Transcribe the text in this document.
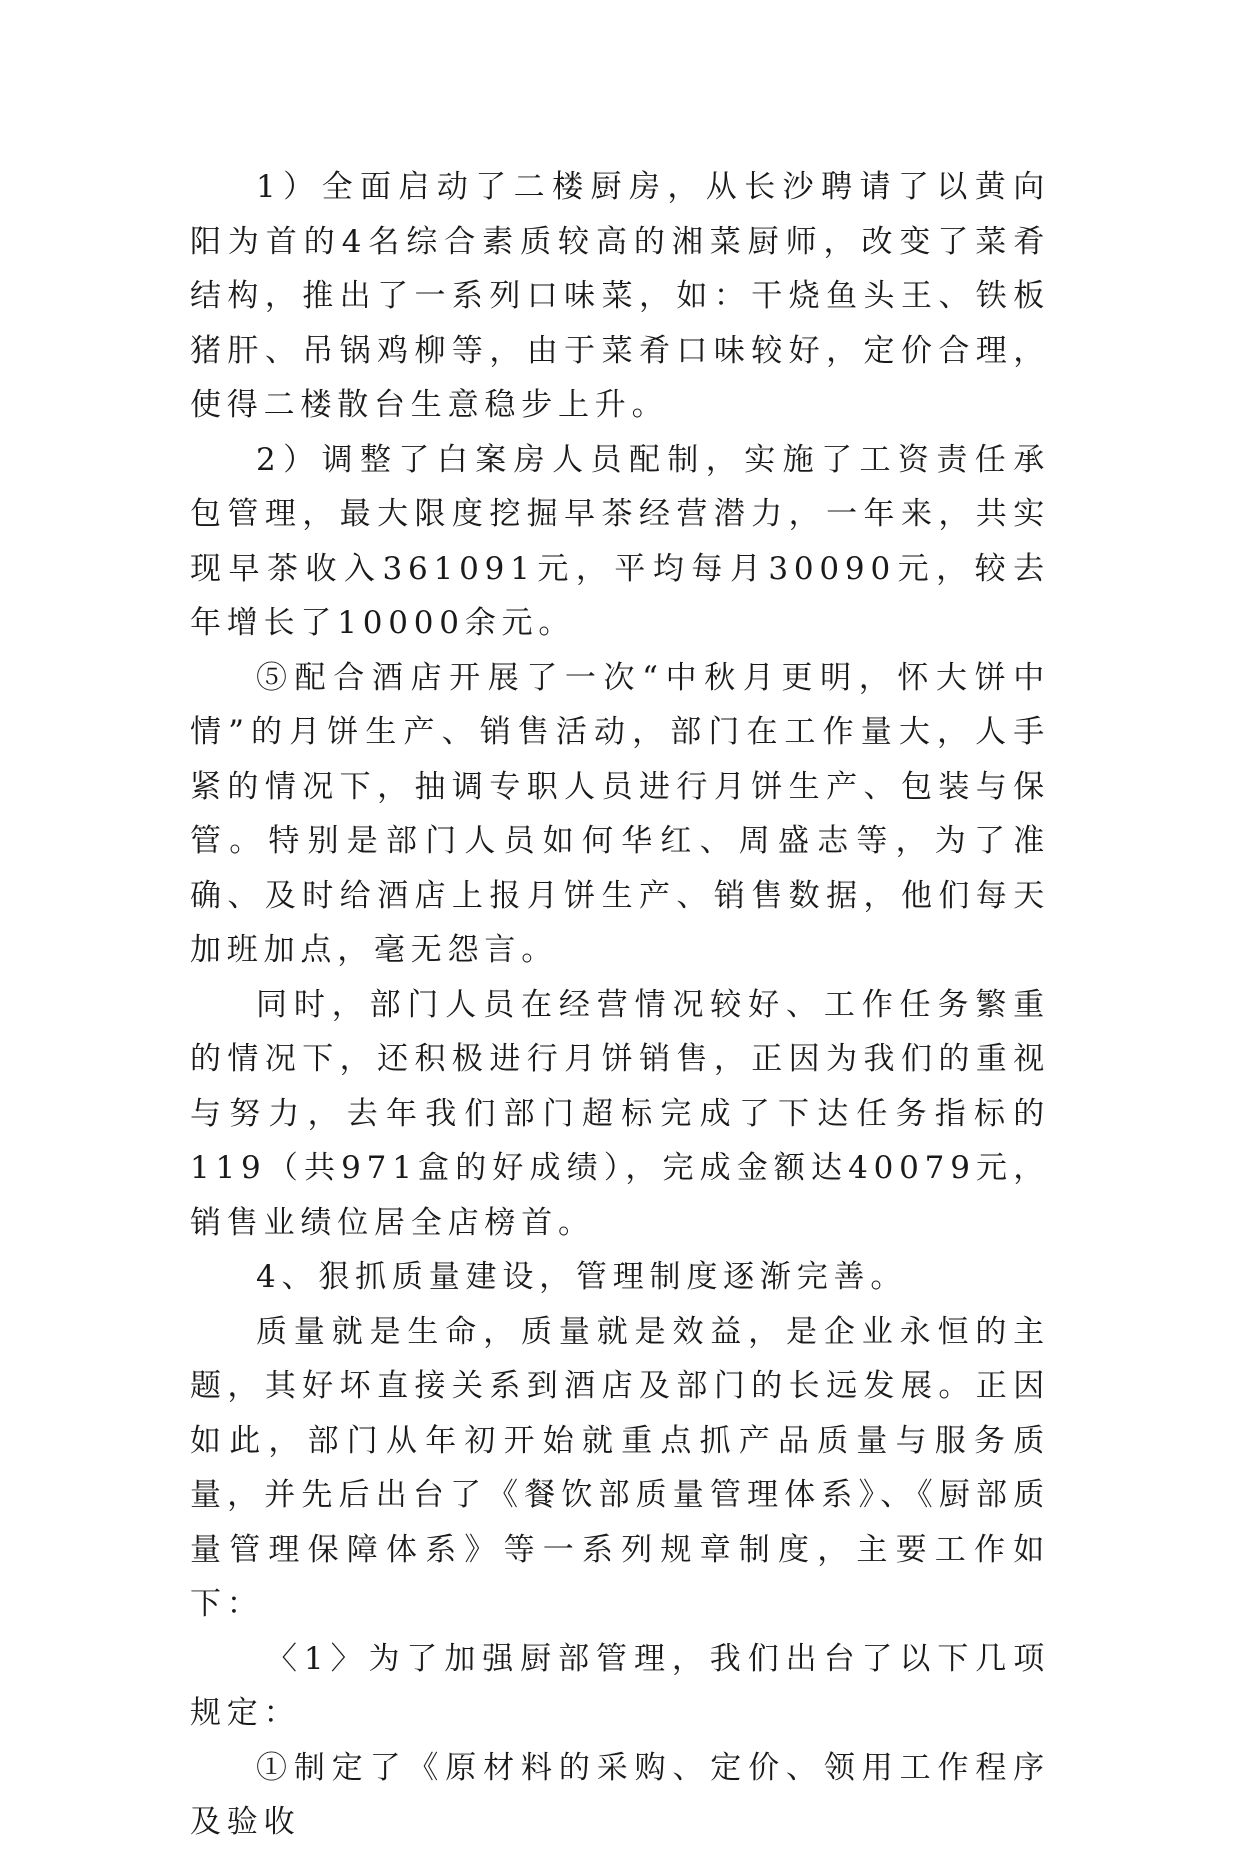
1）全面启动了二楼厨房，从长沙聘请了以黄向阳为首的4名综合素质较高的湘菜厨师，改变了菜肴结构，推出了一系列口味菜，如：干烧鱼头王、铁板猪肝、吊锅鸡柳等，由于菜肴口味较好，定价合理，使得二楼散台生意稳步上升。

2）调整了白案房人员配制，实施了工资责任承包管理，最大限度挖掘早茶经营潜力，一年来，共实现早茶收入361091元，平均每月30090元，较去年增长了10000余元。

⑤配合酒店开展了一次“中秋月更明，怀大饼中情”的月饼生产、销售活动，部门在工作量大，人手紧的情况下，抽调专职人员进行月饼生产、包装与保管。特别是部门人员如何华红、周盛志等，为了准确、及时给酒店上报月饼生产、销售数据，他们每天加班加点，毫无怨言。

同时，部门人员在经营情况较好、工作任务繁重的情况下，还积极进行月饼销售，正因为我们的重视与努力，去年我们部门超标完成了下达任务指标的119（共971盒的好成绩），完成金额达40079元，销售业绩位居全店榜首。

4、狠抓质量建设，管理制度逐渐完善。

质量就是生命，质量就是效益，是企业永恒的主题，其好坏直接关系到酒店及部门的长远发展。正因如此，部门从年初开始就重点抓产品质量与服务质量，并先后出台了《餐饮部质量管理体系》、《厨部质量管理保障体系》等一系列规章制度，主要工作如下：

〈1〉为了加强厨部管理，我们出台了以下几项规定：

①制定了《原材料的采购、定价、领用工作程序及验收
